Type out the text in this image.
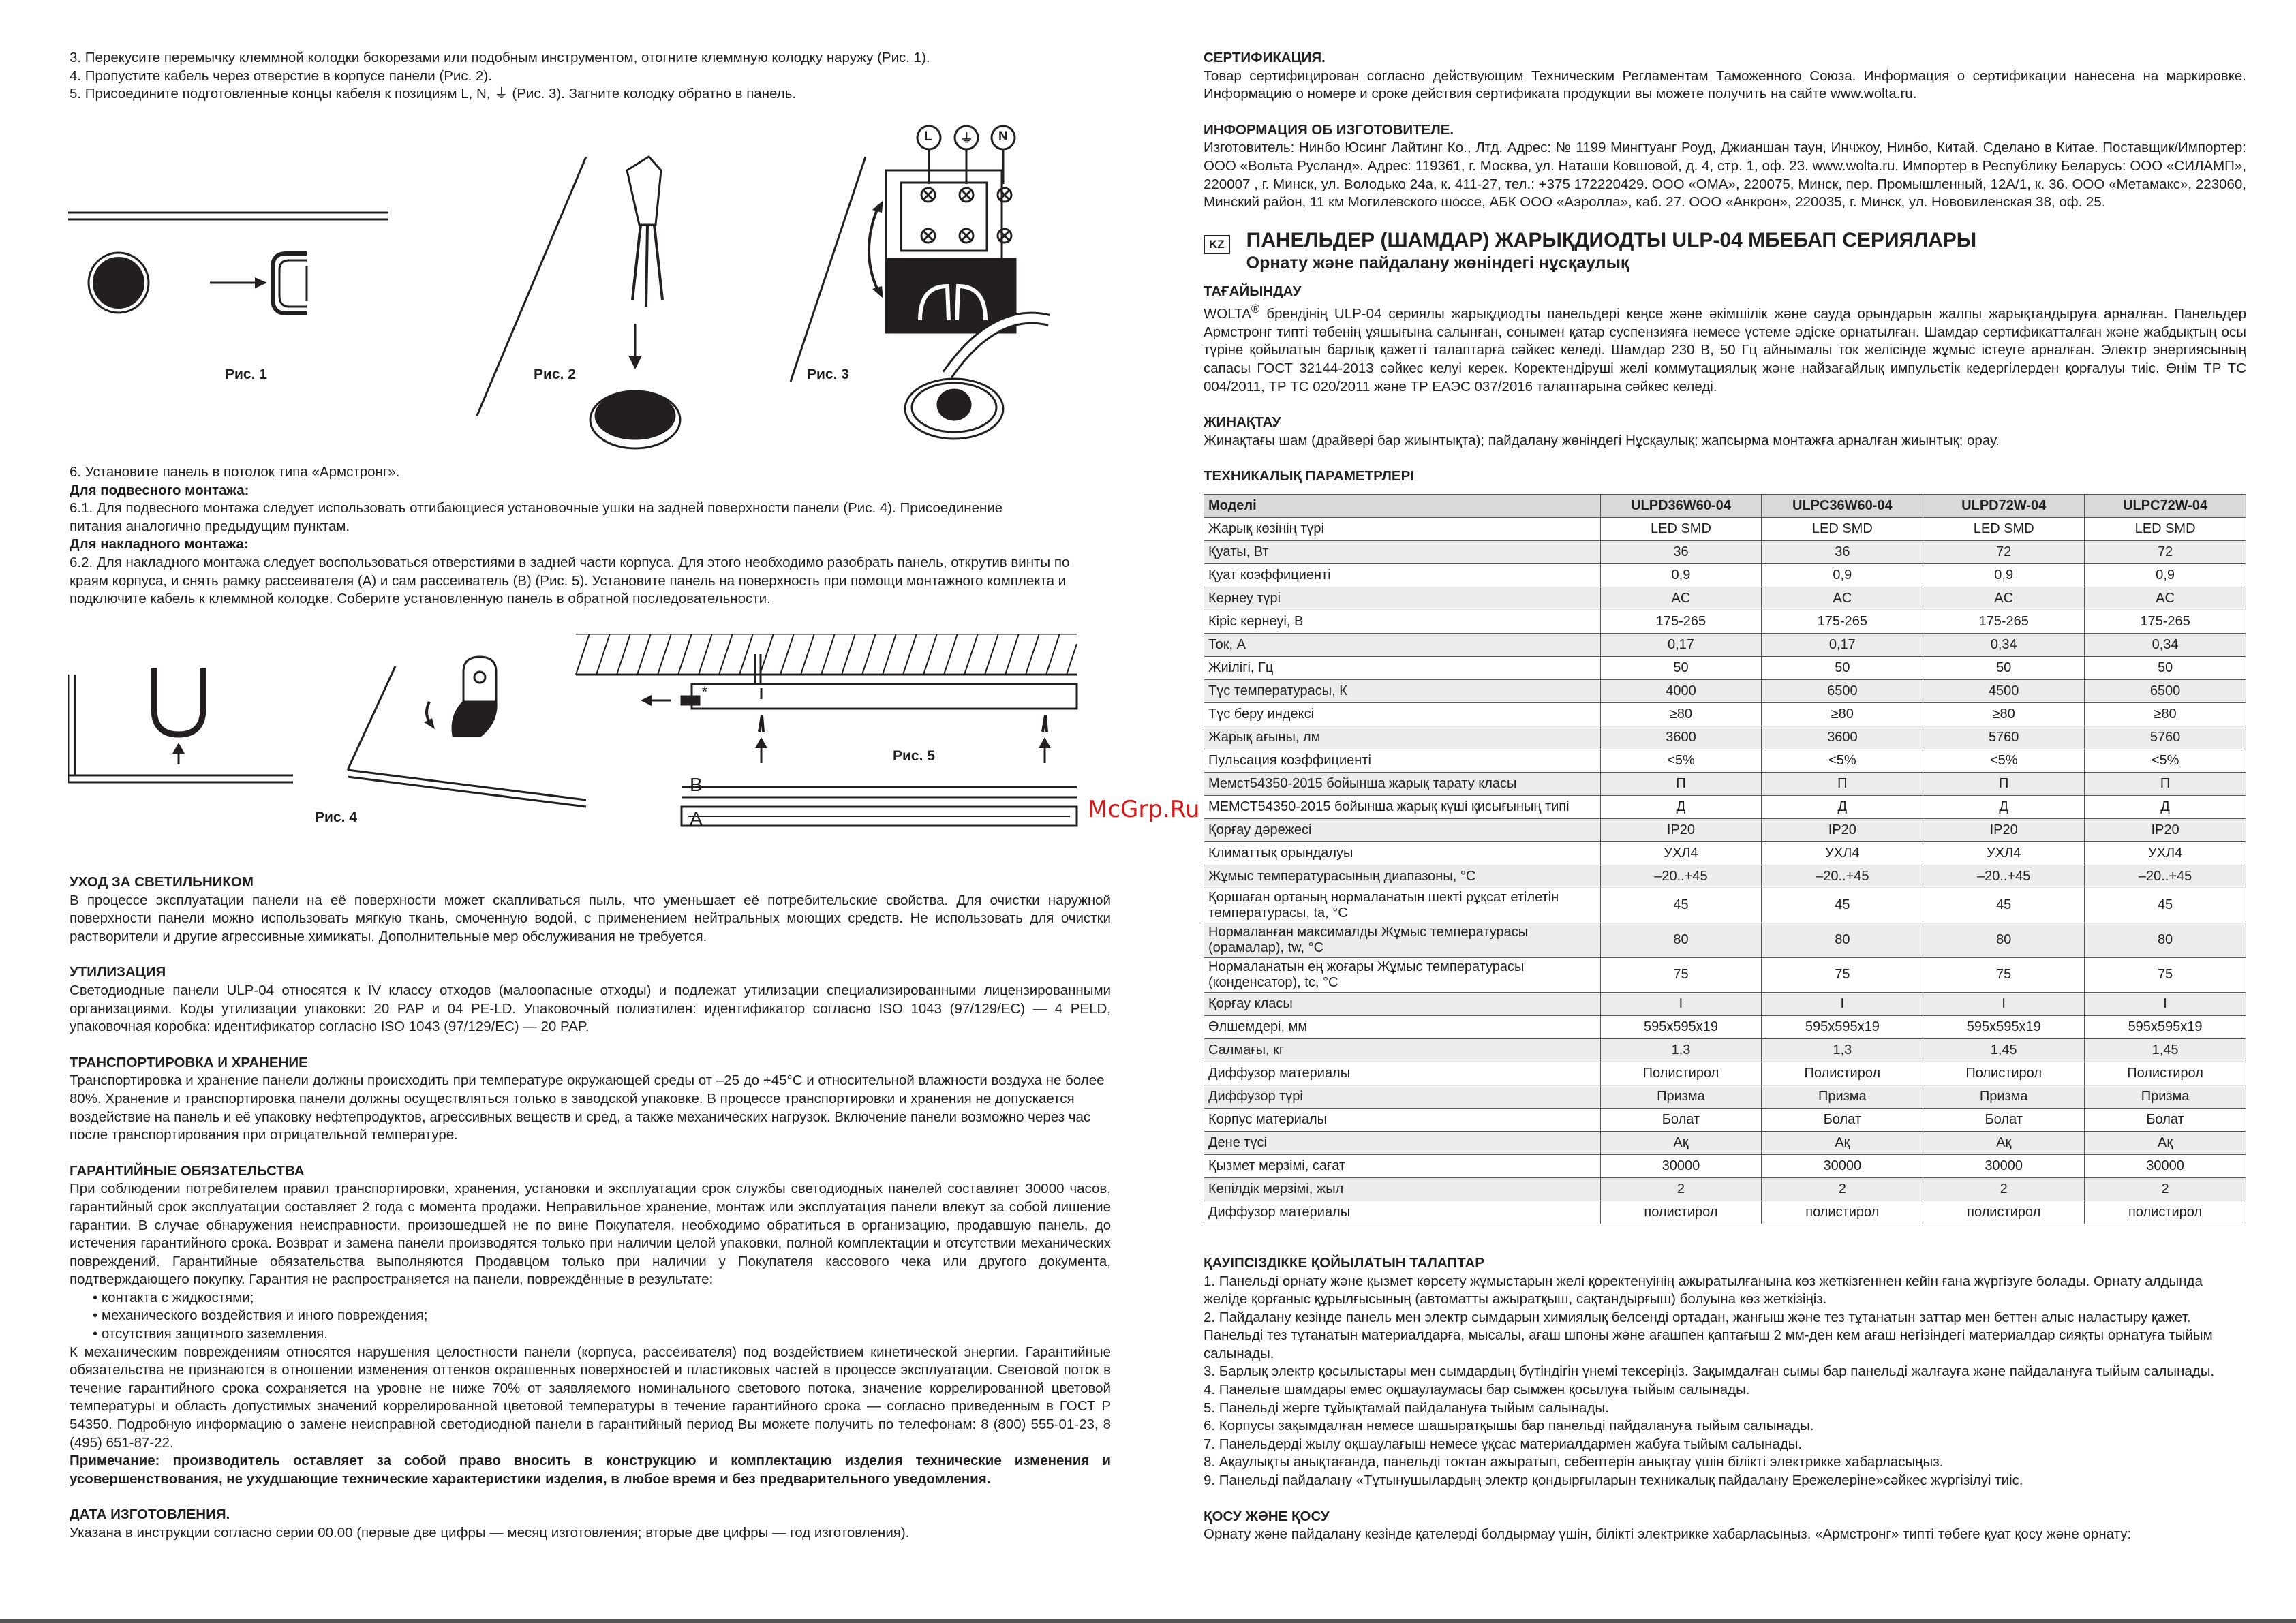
3. Перекусите перемычку клеммной колодки бокорезами или подобным инструментом, отогните клеммную колодку наружу (Рис. 1).

4. Пропустите кабель через отверстие в корпусе панели (Рис. 2).

5. Присоедините подготовленные концы кабеля к позициям L, N, ⏚ (Рис. 3). Загните колодку обратно в панель.

L ⏚ N
Рис. 1	Рис. 2	Рис. 3

6. Установите панель в потолок типа «Армстронг».

Для подвесного монтажа:

6.1. Для подвесного монтажа следует использовать отгибающиеся установочные ушки на задней поверхности панели (Рис. 4). Присоединение питания аналогично предыдущим пунктам.

Для накладного монтажа:

6.2. Для накладного монтажа следует воспользоваться отверстиями в задней части корпуса. Для этого необходимо разобрать панель, открутив винты по краям корпуса, и снять рамку рассеивателя (А) и сам рассеиватель (В) (Рис. 5). Установите панель на поверхность при помощи монтажного комплекта и подключите кабель к клеммной колодке. Соберите установленную панель в обратной последовательности.

Рис. 4
Рис. 5
B
A
*

УХОД ЗА СВЕТИЛЬНИКОМ

В процессе эксплуатации панели на её поверхности может скапливаться пыль, что уменьшает её потребительские свойства. Для очистки наружной поверхности панели можно использовать мягкую ткань, смоченную водой, с применением нейтральных моющих средств. Не использовать для очистки растворители и другие агрессивные химикаты. Дополнительные мер обслуживания не требуется.

УТИЛИЗАЦИЯ

Светодиодные панели ULP-04 относятся к IV классу отходов (малоопасные отходы) и подлежат утилизации специализированными лицензированными организациями. Коды утилизации упаковки: 20 PAP и 04 PE-LD. Упаковочный полиэтилен: идентификатор согласно ISO 1043 (97/129/EC) — 4 PELD, упаковочная коробка: идентификатор согласно ISO 1043 (97/129/EC) — 20 PAP.

ТРАНСПОРТИРОВКА И ХРАНЕНИЕ

Транспортировка и хранение панели должны происходить при температуре окружающей среды от –25 до +45°C и относительной влажности воздуха не более 80%. Хранение и транспортировка панели должны осуществляться только в заводской упаковке. В процессе транспортировки и хранения не допускается воздействие на панель и её упаковку нефтепродуктов, агрессивных веществ и сред, а также механических нагрузок. Включение панели возможно через час после транспортирования при отрицательной температуре.

ГАРАНТИЙНЫЕ ОБЯЗАТЕЛЬСТВА

При соблюдении потребителем правил транспортировки, хранения, установки и эксплуатации срок службы светодиодных панелей составляет 30000 часов, гарантийный срок эксплуатации составляет 2 года с момента продажи. Неправильное хранение, монтаж или эксплуатация панели влекут за собой лишение гарантии. В случае обнаружения неисправности, произошедшей не по вине Покупателя, необходимо обратиться в организацию, продавшую панель, до истечения гарантийного срока. Возврат и замена панели производятся только при наличии целой упаковки, полной комплектации и отсутствии механических повреждений. Гарантийные обязательства выполняются Продавцом только при наличии у Покупателя кассового чека или другого документа, подтверждающего покупку. Гарантия не распространяется на панели, повреждённые в результате:

• контакта с жидкостями;
• механического воздействия и иного повреждения;
• отсутствия защитного заземления.

К механическим повреждениям относятся нарушения целостности панели (корпуса, рассеивателя) под воздействием кинетической энергии. Гарантийные обязательства не признаются в отношении изменения оттенков окрашенных поверхностей и пластиковых частей в процессе эксплуатации. Световой поток в течение гарантийного срока сохраняется на уровне не ниже 70% от заявляемого номинального светового потока, значение коррелированной цветовой температуры и область допустимых значений коррелированной цветовой температуры в течение гарантийного срока — согласно приведенным в ГОСТ Р 54350. Подробную информацию о замене неисправной светодиодной панели в гарантийный период Вы можете получить по телефонам: 8 (800) 555-01-23, 8 (495) 651-87-22.

Примечание: производитель оставляет за собой право вносить в конструкцию и комплектацию изделия технические изменения и усовершенствования, не ухудшающие технические характеристики изделия, в любое время и без предварительного уведомления.

ДАТА ИЗГОТОВЛЕНИЯ.

Указана в инструкции согласно серии 00.00 (первые две цифры — месяц изготовления; вторые две цифры — год изготовления).

СЕРТИФИКАЦИЯ.

Товар сертифицирован согласно действующим Техническим Регламентам Таможенного Союза. Информация о сертификации нанесена на маркировке. Информацию о номере и сроке действия сертификата продукции вы можете получить на сайте www.wolta.ru.

ИНФОРМАЦИЯ ОБ ИЗГОТОВИТЕЛЕ.

Изготовитель: Нинбо Юсинг Лайтинг Ко., Лтд. Адрес: № 1199 Мингтуанг Роуд, Джианшан таун, Инчжоу, Нинбо, Китай. Сделано в Китае. Поставщик/Импортер: ООО «Вольта Русланд». Адрес: 119361, г. Москва, ул. Наташи Ковшовой, д. 4, стр. 1, оф. 23. www.wolta.ru. Импортер в Республику Беларусь: ООО «СИЛАМП», 220007 , г. Минск, ул. Володько 24а, к. 411-27, тел.: +375 172220429. ООО «ОМА», 220075, Минск, пер. Промышленный, 12А/1, к. 36. ООО «Метамакс», 223060, Минский район, 11 км Могилевского шоссе, АБК ООО «Аэролла», каб. 27. ООО «Анкрон», 220035, г. Минск, ул. Нововиленская 38, оф. 25.

KZ ПАНЕЛЬДЕР (ШАМДАР) ЖАРЫҚДИОДТЫ ULP-04 МБЕБАП СЕРИЯЛАРЫ
Орнату және пайдалану жөніндегі нұсқаулық

ТАҒАЙЫНДАУ

WOLTA® брендінің ULP-04 сериялы жарықдиодты панельдері кеңсе және әкімшілік және сауда орындарын жалпы жарықтандыруға арналған. Панельдер Армстронг типті төбенің ұяшығына салынған, сонымен қатар суспензияға немесе үстеме әдіске орнатылған. Шамдар сертификатталған және жабдықтың осы түріне қойылатын барлық қажетті талаптарға сәйкес келеді. Шамдар 230 В, 50 Гц айнымалы ток желісінде жұмыс істеуге арналған. Электр энергиясының сапасы ГОСТ 32144-2013 сәйкес келуі керек. Коректендіруші желі коммутациялық және найзағайлық импульстік кедергілерден қорғалуы тиіс. Өнім ТР ТС 004/2011, ТР ТС 020/2011 және ТР ЕАЭС 037/2016 талаптарына сәйкес келеді.

ЖИНАҚТАУ

Жинақтағы шам (драйвері бар жиынтықта); пайдалану жөніндегі Нұсқаулық; жапсырма монтажға арналған жиынтық; орау.

ТЕХНИКАЛЫҚ ПАРАМЕТРЛЕРІ

Моделі	ULPD36W60-04	ULPC36W60-04	ULPD72W-04	ULPC72W-04
Жарық көзінің түрі	LED SMD	LED SMD	LED SMD	LED SMD
Қуаты, Вт	36	36	72	72
Қуат коэффициенті	0,9	0,9	0,9	0,9
Кернеу түрі	AC	AC	AC	AC
Кіріс кернеуі, В	175-265	175-265	175-265	175-265
Ток, А	0,17	0,17	0,34	0,34
Жиілігі, Гц	50	50	50	50
Түс температурасы, К	4000	6500	4500	6500
Түс беру индексі	≥80	≥80	≥80	≥80
Жарық ағыны, лм	3600	3600	5760	5760
Пульсация коэффициенті	<5%	<5%	<5%	<5%
Мемст54350-2015 бойынша жарық тарату класы	П	П	П	П
МЕМСТ54350-2015 бойынша жарық күші қисығының типі	Д	Д	Д	Д
Қорғау дәрежесі	IP20	IP20	IP20	IP20
Климаттық орындалуы	УХЛ4	УХЛ4	УХЛ4	УХЛ4
Жұмыс температурасының диапазоны, °С	–20..+45	–20..+45	–20..+45	–20..+45
Қоршаған ортаның нормаланатын шекті рұқсат етілетін температурасы, ta, °С	45	45	45	45
Нормаланған максималды Жұмыс температурасы (орамалар), tw, °С	80	80	80	80
Нормаланатын ең жоғары Жұмыс температурасы (конденсатор), tc, °С	75	75	75	75
Қорғау класы	I	I	I	I
Өлшемдері, мм	595x595x19	595x595x19	595x595x19	595x595x19
Салмағы, кг	1,3	1,3	1,45	1,45
Диффузор материалы	Полистирол	Полистирол	Полистирол	Полистирол
Диффузор түрі	Призма	Призма	Призма	Призма
Корпус материалы	Болат	Болат	Болат	Болат
Дене түсі	Ақ	Ақ	Ақ	Ақ
Қызмет мерзімі, сағат	30000	30000	30000	30000
Кепілдік мерзімі, жыл	2	2	2	2
Диффузор материалы	полистирол	полистирол	полистирол	полистирол

ҚАУІПСІЗДІККЕ ҚОЙЫЛАТЫН ТАЛАПТАР

1. Панельді орнату және қызмет көрсету жұмыстарын желі қоректенуінің ажыратылғанына көз жеткізгеннен кейін ғана жүргізуге болады. Орнату алдында желіде қорғаныс құрылғысының (автоматты ажыратқыш, сақтандырғыш) болуына көз жеткізіңіз.

2. Пайдалану кезінде панель мен электр сымдарын химиялық белсенді ортадан, жанғыш және тез тұтанатын заттар мен беттен алыс наластыру қажет. Панельді тез тұтанатын материалдарға, мысалы, ағаш шпоны және ағашпен қаптағыш 2 мм-ден кем ағаш негізіндегі материалдар сияқты орнатуға тыйым салынады.

3. Барлық электр қосылыстары мен сымдардың бүтіндігін үнемі тексеріңіз. Зақымдалған сымы бар панельді жалғауға және пайдалануға тыйым салынады.

4. Панельге шамдары емес оқшаулаумасы бар сымжен қосылуға тыйым салынады.

5. Панельді жерге тұйықтамай пайдалануға тыйым салынады.

6. Корпусы зақымдалған немесе шашыратқышы бар панельді пайдалануға тыйым салынады.

7. Панельдерді жылу оқшаулағыш немесе ұқсас материалдармен жабуға тыйым салынады.

8. Ақаулықты анықтағанда, панельді токтан ажыратып, себептерін анықтау үшін білікті электрикке хабарласыңыз.

9. Панельді пайдалану «Тұтынушылардың электр қондырғыларын техникалық пайдалану Ережелеріне»сәйкес жүргізілуі тиіс.

ҚОСУ ЖӘНЕ ҚОСУ

Орнату және пайдалану кезінде қателерді болдырмау үшін, білікті электрикке хабарласыңыз. «Армстронг» типті төбеге қуат қосу және орнату:

McGrp.Ru
